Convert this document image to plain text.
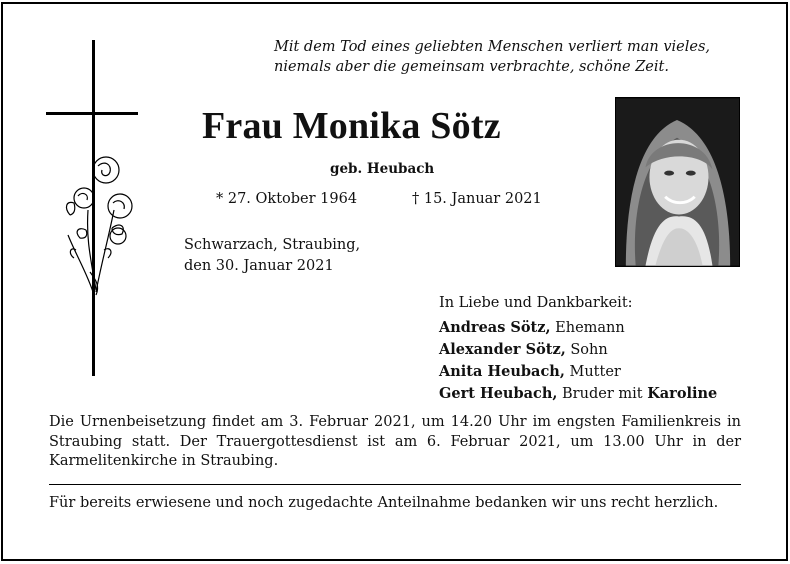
Mit dem Tod eines geliebten Menschen verliert man vieles,
niemals aber die gemeinsam verbrachte, schöne Zeit.
Frau Monika Sötz
geb. Heubach
* 27. Oktober 1964	† 15. Januar 2021
Schwarzach, Straubing,
den 30. Januar 2021
In Liebe und Dankbarkeit:
Andreas Sötz, Ehemann
Alexander Sötz, Sohn
Anita Heubach, Mutter
Gert Heubach, Bruder mit Karoline
Die Urnenbeisetzung findet am 3. Februar 2021, um 14.20 Uhr im engsten Familienkreis in Straubing statt. Der Trauergottesdienst ist am 6. Februar 2021, um 13.00 Uhr in der Karmelitenkirche in Straubing.
Für bereits erwiesene und noch zugedachte Anteilnahme bedanken wir uns recht herzlich.
